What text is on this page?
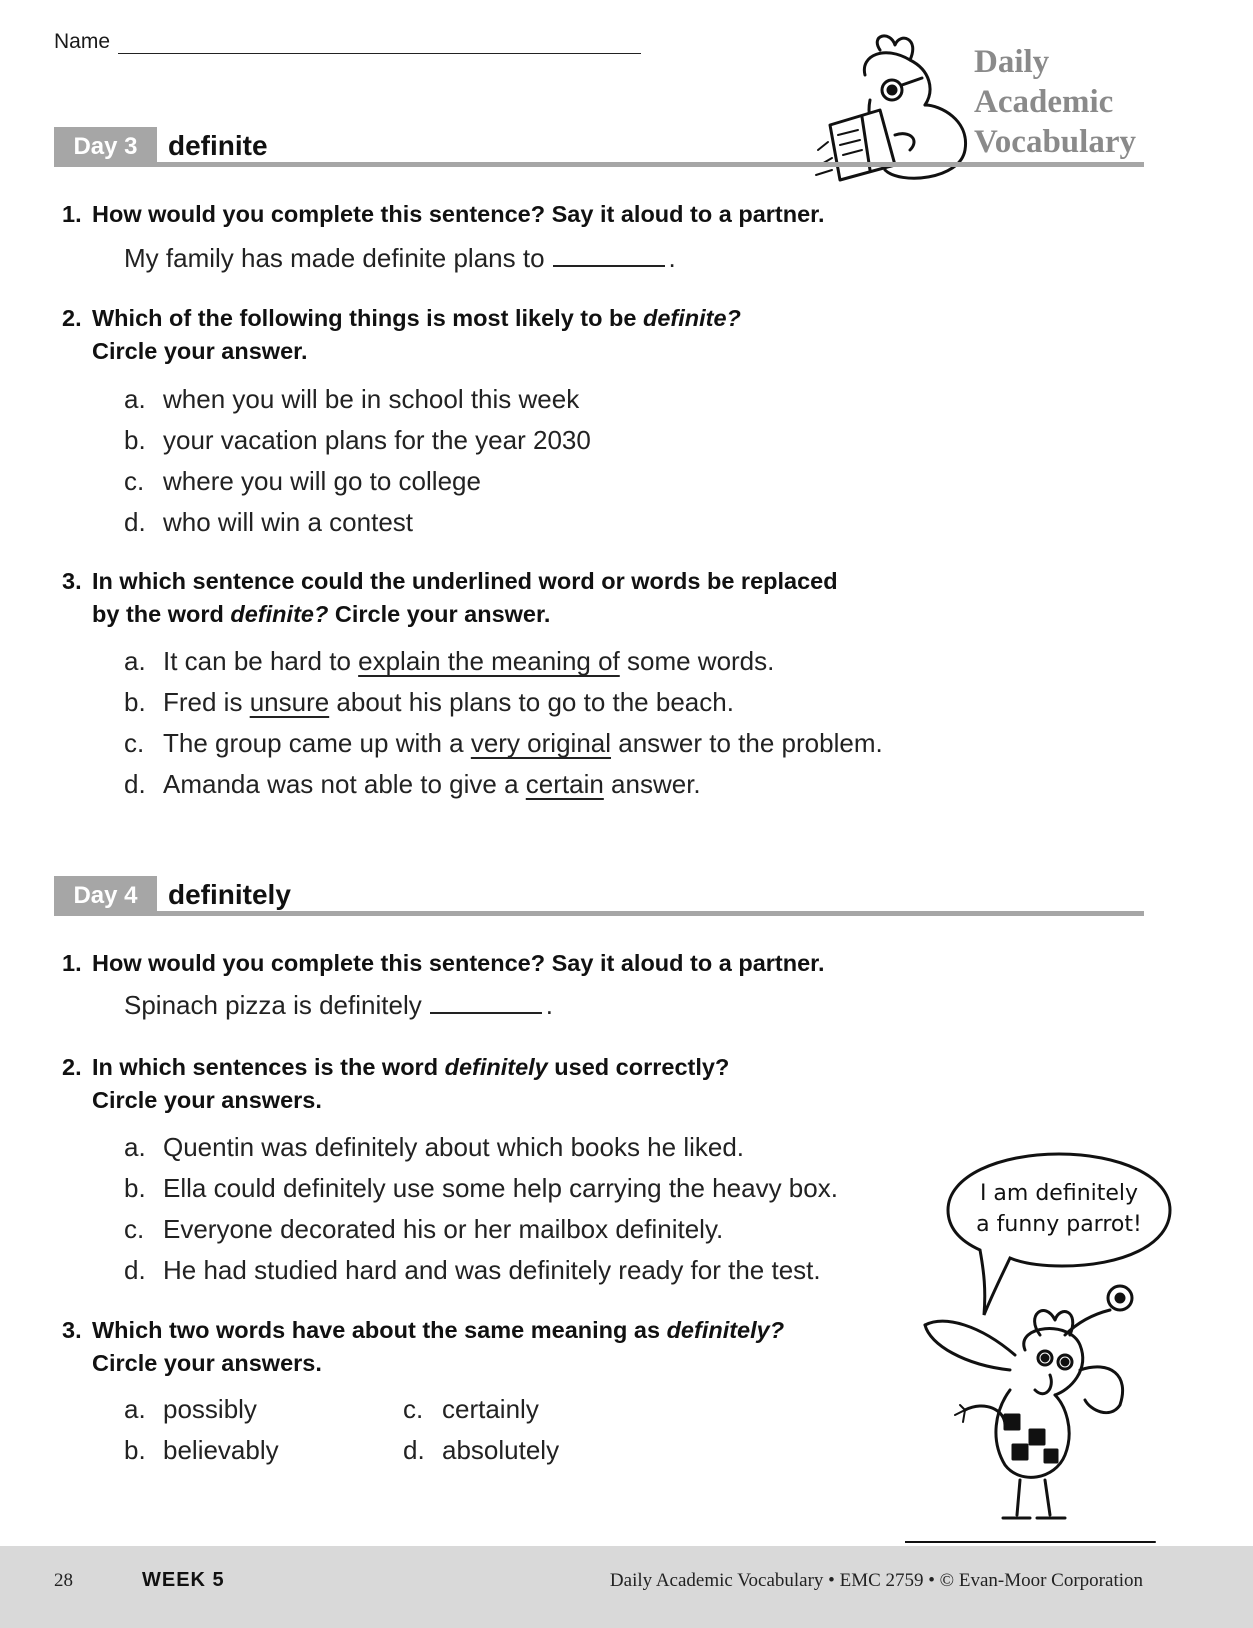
Name
Daily
Academic
Vocabulary
Day 3	definite
1. How would you complete this sentence? Say it aloud to a partner.
My family has made definite plans to	.
2. Which of the following things is most likely to be definite?
Circle your answer.
a. when you will be in school this week
b. your vacation plans for the year 2030
c. where you will go to college
d. who will win a contest
3. In which sentence could the underlined word or words be replaced
by the word definite? Circle your answer.
a. It can be hard to explain the meaning of some words.
b. Fred is unsure about his plans to go to the beach.
c. The group came up with a very original answer to the problem.
d. Amanda was not able to give a certain answer.
Day 4	definitely
1. How would you complete this sentence? Say it aloud to a partner.
Spinach pizza is definitely	.
2. In which sentences is the word definitely used correctly?
Circle your answers.
a. Quentin was definitely about which books he liked.
b. Ella could definitely use some help carrying the heavy box.
c. Everyone decorated his or her mailbox definitely.
d. He had studied hard and was definitely ready for the test.
3. Which two words have about the same meaning as definitely?
Circle your answers.
a. possibly
b. believably
c. certainly
d. absolutely
I am definitely
a funny parrot!
28	WEEK 5	Daily Academic Vocabulary • EMC 2759 • © Evan-Moor Corporation
